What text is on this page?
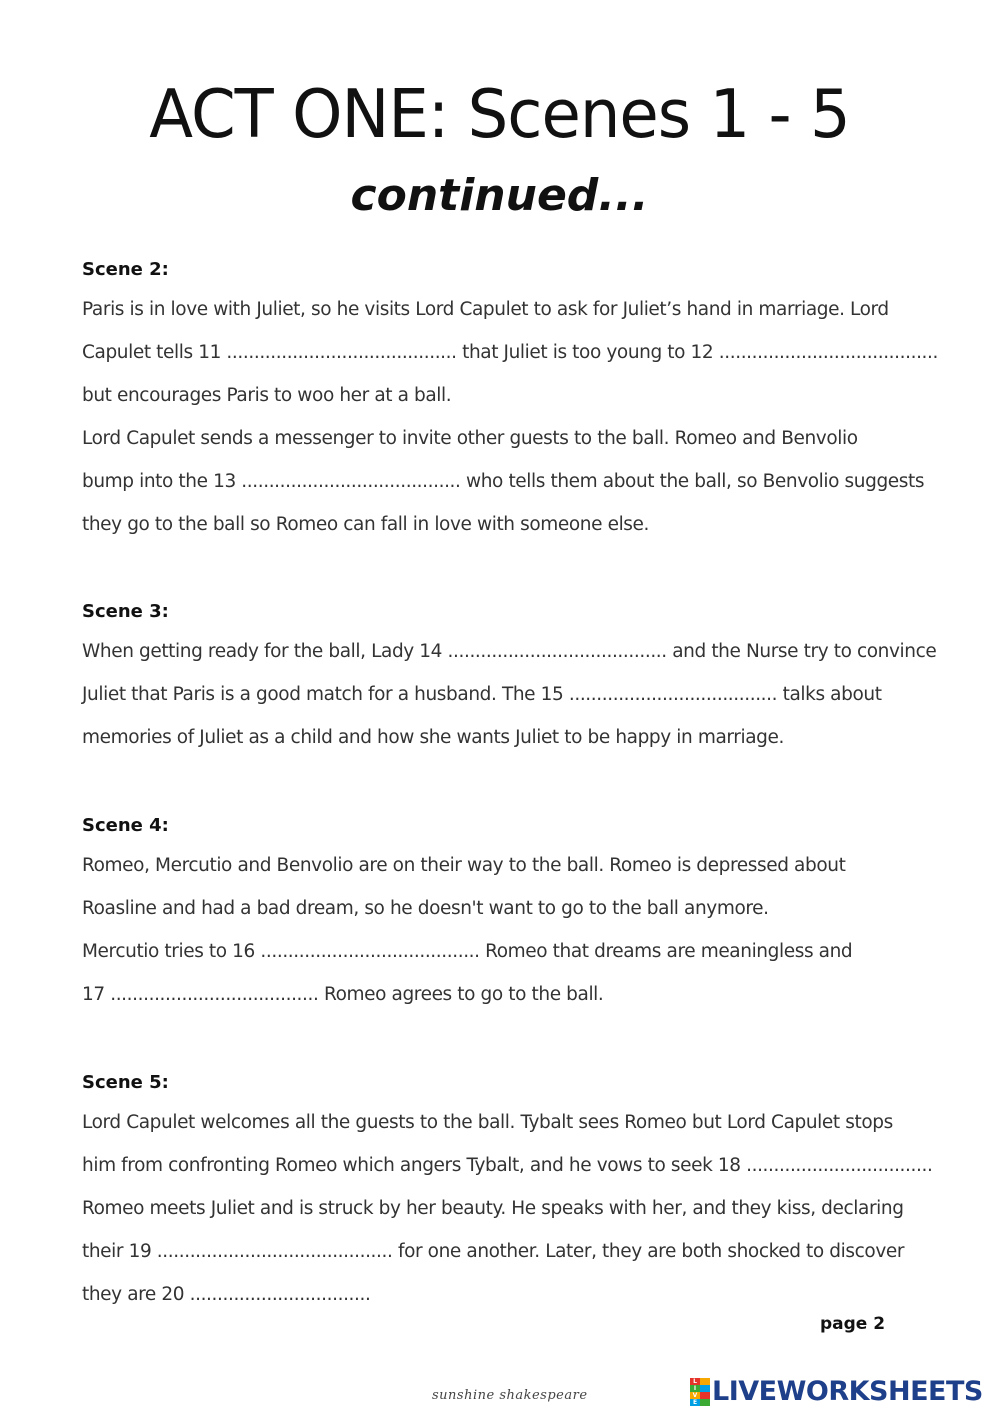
ACT ONE: Scenes 1 - 5
continued...
Scene 2:
Paris is in love with Juliet, so he visits Lord Capulet to ask for Juliet’s hand in marriage. Lord
Capulet tells 11 .......................................... that Juliet is too young to 12 ........................................
but encourages Paris to woo her at a ball.
Lord Capulet sends a messenger to invite other guests to the ball. Romeo and Benvolio
bump into the 13 ........................................ who tells them about the ball, so Benvolio suggests
they go to the ball so Romeo can fall in love with someone else.
Scene 3:
When getting ready for the ball, Lady 14 ........................................ and the Nurse try to convince
Juliet that Paris is a good match for a husband. The 15 ...................................... talks about
memories of Juliet as a child and how she wants Juliet to be happy in marriage.
Scene 4:
Romeo, Mercutio and Benvolio are on their way to the ball. Romeo is depressed about
Roasline and had a bad dream, so he doesn't want to go to the ball anymore.
Mercutio tries to 16 ........................................ Romeo that dreams are meaningless and
17 ...................................... Romeo agrees to go to the ball.
Scene 5:
Lord Capulet welcomes all the guests to the ball. Tybalt sees Romeo but Lord Capulet stops
him from confronting Romeo which angers Tybalt, and he vows to seek 18 ..................................
Romeo meets Juliet and is struck by her beauty. He speaks with her, and they kiss, declaring
their 19 ........................................... for one another. Later, they are both shocked to discover
they are 20 .................................
page 2
sunshine shakespeare
L
I
V
E LIVEWORKSHEETS
